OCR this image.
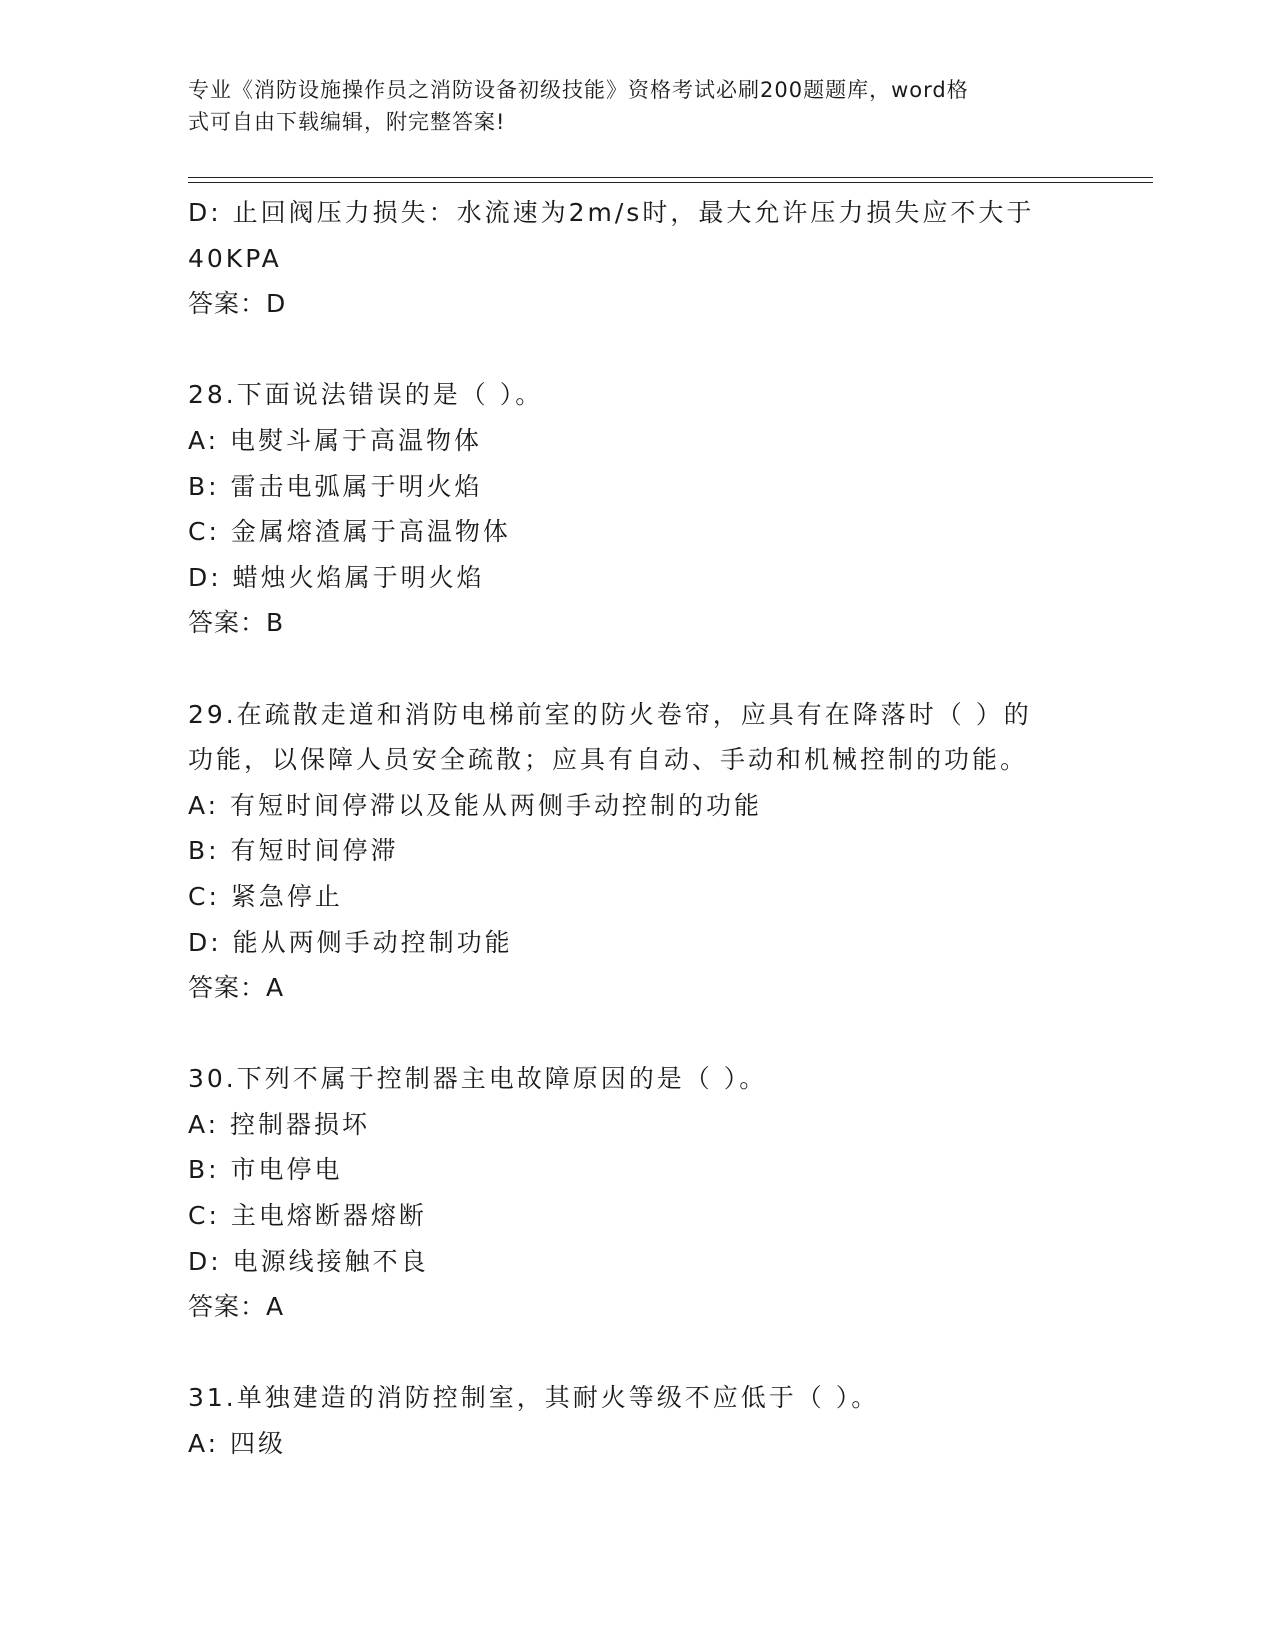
专业《消防设施操作员之消防设备初级技能》资格考试必刷200题题库，word格
式可自由下载编辑，附完整答案!
D: 止回阀压力损失：水流速为2m/s时，最大允许压力损失应不大于
40KPA
答案：D
28.下面说法错误的是（ ）。
A: 电熨斗属于高温物体
B: 雷击电弧属于明火焰
C: 金属熔渣属于高温物体
D: 蜡烛火焰属于明火焰
答案：B
29.在疏散走道和消防电梯前室的防火卷帘，应具有在降落时（ ）的
功能，以保障人员安全疏散；应具有自动、手动和机械控制的功能。
A: 有短时间停滞以及能从两侧手动控制的功能
B: 有短时间停滞
C: 紧急停止
D: 能从两侧手动控制功能
答案：A
30.下列不属于控制器主电故障原因的是（ ）。
A: 控制器损坏
B: 市电停电
C: 主电熔断器熔断
D: 电源线接触不良
答案：A
31.单独建造的消防控制室，其耐火等级不应低于（ ）。
A: 四级
